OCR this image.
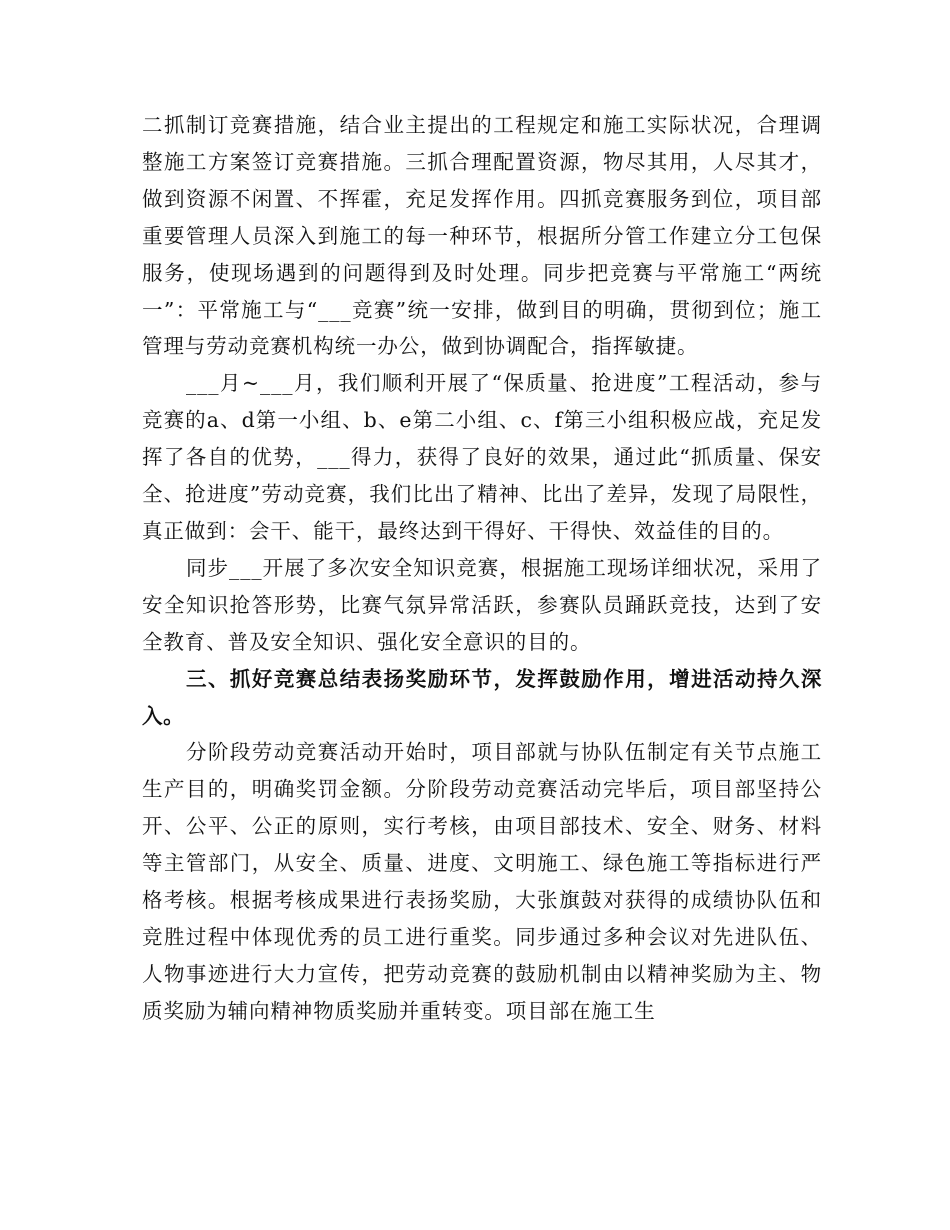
二抓制订竞赛措施，结合业主提出的工程规定和施工实际状况，合理调整施工方案签订竞赛措施。三抓合理配置资源，物尽其用，人尽其才，做到资源不闲置、不挥霍，充足发挥作用。四抓竞赛服务到位，项目部重要管理人员深入到施工的每一种环节，根据所分管工作建立分工包保服务，使现场遇到的问题得到及时处理。同步把竞赛与平常施工“两统一”：平常施工与“___竞赛”统一安排，做到目的明确，贯彻到位；施工管理与劳动竞赛机构统一办公，做到协调配合，指挥敏捷。

___月~___月，我们顺利开展了“保质量、抢进度”工程活动，参与竞赛的a、d第一小组、b、e第二小组、c、f第三小组积极应战，充足发挥了各自的优势，___得力，获得了良好的效果，通过此“抓质量、保安全、抢进度”劳动竞赛，我们比出了精神、比出了差异，发现了局限性，真正做到：会干、能干，最终达到干得好、干得快、效益佳的目的。

同步___开展了多次安全知识竞赛，根据施工现场详细状况，采用了安全知识抢答形势，比赛气氛异常活跃，参赛队员踊跃竞技，达到了安全教育、普及安全知识、强化安全意识的目的。

三、抓好竞赛总结表扬奖励环节，发挥鼓励作用，增进活动持久深入。

分阶段劳动竞赛活动开始时，项目部就与协队伍制定有关节点施工生产目的，明确奖罚金额。分阶段劳动竞赛活动完毕后，项目部坚持公开、公平、公正的原则，实行考核，由项目部技术、安全、财务、材料等主管部门，从安全、质量、进度、文明施工、绿色施工等指标进行严格考核。根据考核成果进行表扬奖励，大张旗鼓对获得的成绩协队伍和竞胜过程中体现优秀的员工进行重奖。同步通过多种会议对先进队伍、人物事迹进行大力宣传，把劳动竞赛的鼓励机制由以精神奖励为主、物质奖励为辅向精神物质奖励并重转变。项目部在施工生
